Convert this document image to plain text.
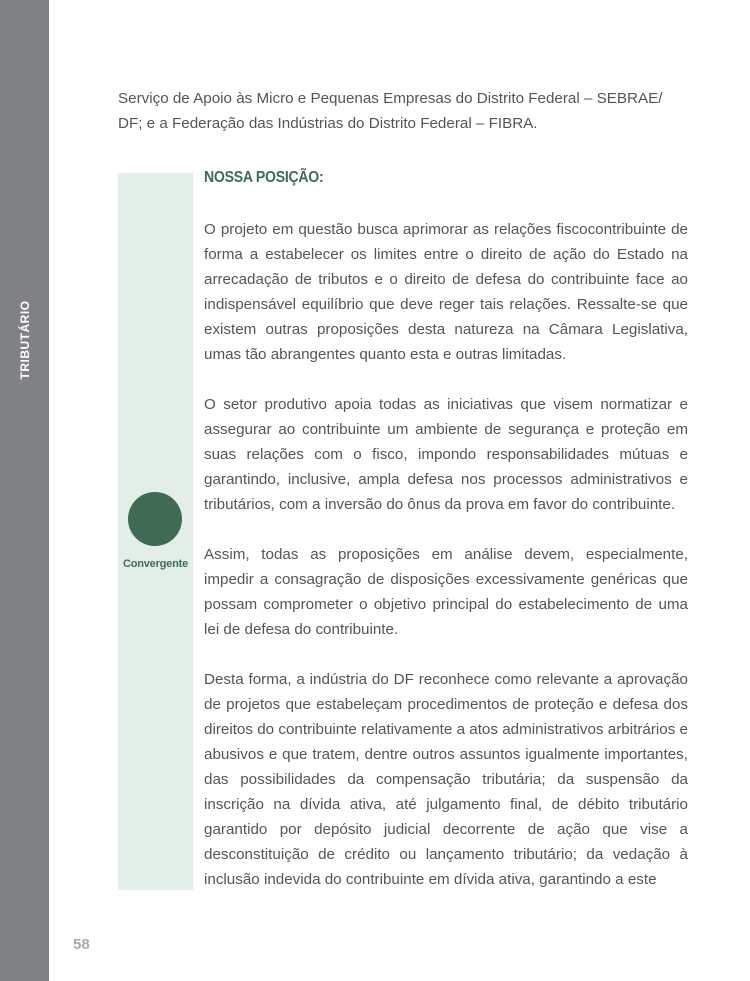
TRIBUTÁRIO
Serviço de Apoio às Micro e Pequenas Empresas do Distrito Federal – SEBRAE/ DF; e a Federação das Indústrias do Distrito Federal – FIBRA.
Convergente
NOSSA POSIÇÃO:

O projeto em questão busca aprimorar as relações fiscocontribuinte de forma a estabelecer os limites entre o direito de ação do Estado na arrecadação de tributos e o direito de defesa do contribuinte face ao indispensável equilíbrio que deve reger tais relações. Ressalte-se que existem outras proposições desta natureza na Câmara Legislativa, umas tão abrangentes quanto esta e outras limitadas.

O setor produtivo apoia todas as iniciativas que visem normatizar e assegurar ao contribuinte um ambiente de segurança e proteção em suas relações com o fisco, impondo responsabilidades mútuas e garantindo, inclusive, ampla defesa nos processos administrativos e tributários, com a inversão do ônus da prova em favor do contribuinte.

Assim, todas as proposições em análise devem, especialmente, impedir a consagração de disposições excessivamente genéricas que possam comprometer o objetivo principal do estabelecimento de uma lei de defesa do contribuinte.

Desta forma, a indústria do DF reconhece como relevante a aprovação de projetos que estabeleçam procedimentos de proteção e defesa dos direitos do contribuinte relativamente a atos administrativos arbitrários e abusivos e que tratem, dentre outros assuntos igualmente importantes, das possibilidades da compensação tributária; da suspensão da inscrição na dívida ativa, até julgamento final, de débito tributário garantido por depósito judicial decorrente de ação que vise a desconstituição de crédito ou lançamento tributário; da vedação à inclusão indevida do contribuinte em dívida ativa, garantindo a este

58
